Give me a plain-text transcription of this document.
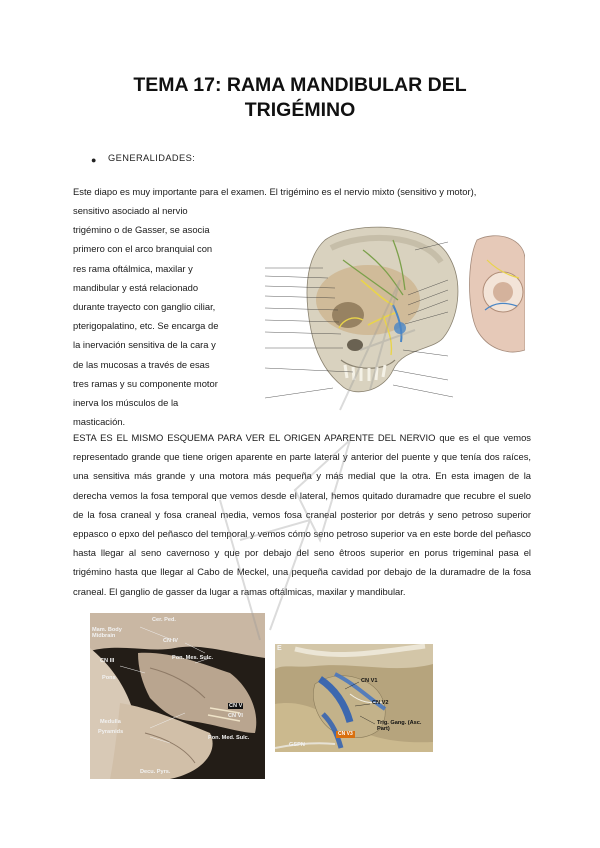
TEMA 17: RAMA MANDIBULAR DEL
TRIGÉMINO
● GENERALIDADES:

Este diapo es muy importante para el examen. El trigémino es el nervio mixto (sensitivo y motor),

sensitivo asociado al nervio
trigémino o de Gasser, se asocia
primero con el arco branquial con
res rama oftálmica, maxilar y
mandibular y está relacionado
durante trayecto con ganglio ciliar,
pterigopalatino, etc. Se encarga de
la inervación sensitiva de la cara y
de las mucosas a través de esas
tres ramas y su componente motor
inerva los músculos de la
masticación.

ESTA ES EL MISMO ESQUEMA PARA VER EL ORIGEN APARENTE DEL NERVIO que es el que vemos representado grande que tiene origen aparente en parte lateral y anterior del puente y que tenía dos raíces, una sensitiva más grande y una motora más pequeña y más medial que la otra. En esta imagen de la derecha vemos la fosa temporal que vemos desde el lateral, hemos quitado duramadre que recubre el suelo de la fosa craneal y fosa craneal media, vemos fosa craneal posterior por detrás y seno petroso superior eppasco o epxo del peñasco del temporal y vemos cómo seno petroso superior va en este borde del peñasco hasta llegar al seno cavernoso y que por debajo del seno êtroos superior en porus trigeminal pasa el trigémino hasta que llegar al Cabo de Meckel, una pequeña cavidad por debajo de la duramadre de la fosa craneal. El ganglio de gasser da lugar a ramas oftálmicas, maxilar y mandibular.

Cer. Ped.
Mam. Body Midbrain
CN IV
CN III	Pon. Mes. Sulc.
Pons
CN V
CN VI
Medulla
Pyramids
Pon. Med. Sulc.
Decu. Pyrs.
E
CN V1
CN V2
Trig. Gang. (Asc. Part)
CN V3
GSPN
